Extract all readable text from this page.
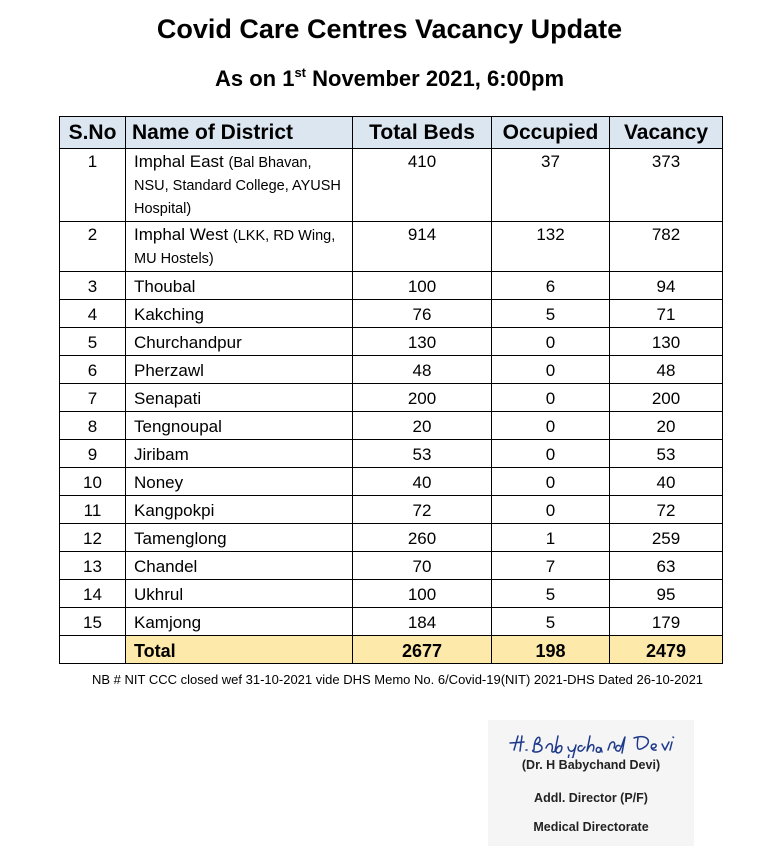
Covid Care Centres Vacancy Update
As on 1st November 2021, 6:00pm
S.No	Name of District	Total Beds	Occupied	Vacancy
1	Imphal East (Bal Bhavan, NSU, Standard College, AYUSH Hospital)	410	37	373
2	Imphal West (LKK, RD Wing, MU Hostels)	914	132	782
3	Thoubal	100	6	94
4	Kakching	76	5	71
5	Churchandpur	130	0	130
6	Pherzawl	48	0	48
7	Senapati	200	0	200
8	Tengnoupal	20	0	20
9	Jiribam	53	0	53
10	Noney	40	0	40
11	Kangpokpi	72	0	72
12	Tamenglong	260	1	259
13	Chandel	70	7	63
14	Ukhrul	100	5	95
15	Kamjong	184	5	179
	Total	2677	198	2479
NB # NIT CCC closed wef 31-10-2021 vide DHS Memo No. 6/Covid-19(NIT) 2021-DHS Dated 26-10-2021
(Dr. H Babychand Devi)
Addl. Director (P/F)
Medical Directorate
